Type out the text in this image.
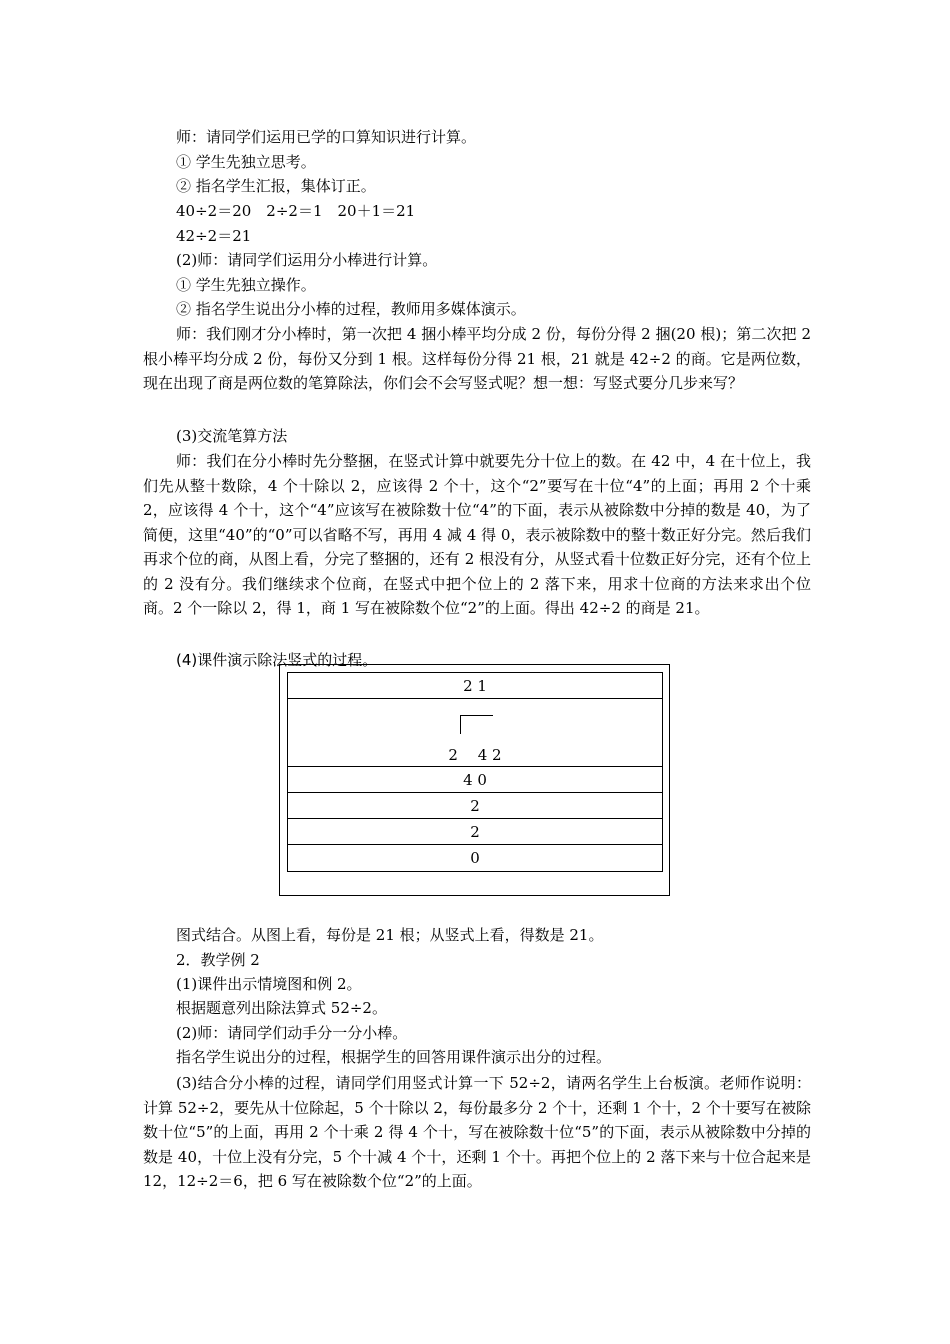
师：请同学们运用已学的口算知识进行计算。
① 学生先独立思考。
② 指名学生汇报，集体订正。
40÷2＝20　2÷2＝1　20＋1＝21
42÷2＝21
(2)师：请同学们运用分小棒进行计算。
① 学生先独立操作。
② 指名学生说出分小棒的过程，教师用多媒体演示。
师：我们刚才分小棒时，第一次把 4 捆小棒平均分成 2 份，每份分得 2 捆(20 根)；第二次把 2 根小棒平均分成 2 份，每份又分到 1 根。这样每份分得 21 根，21 就是 42÷2 的商。它是两位数，现在出现了商是两位数的笔算除法，你们会不会写竖式呢？想一想：写竖式要分几步来写？
(3)交流笔算方法
师：我们在分小棒时先分整捆，在竖式计算中就要先分十位上的数。在 42 中，4 在十位上，我们先从整十数除，4 个十除以 2，应该得 2 个十，这个“2”要写在十位“4”的上面；再用 2 个十乘 2，应该得 4 个十，这个“4”应该写在被除数十位“4”的下面，表示从被除数中分掉的数是 40，为了简便，这里“40”的“0”可以省略不写，再用 4 减 4 得 0，表示被除数中的整十数正好分完。然后我们再求个位的商，从图上看，分完了整捆的，还有 2 根没有分，从竖式看十位数正好分完，还有个位上的 2 没有分。我们继续求个位商，在竖式中把个位上的 2 落下来，用求十位商的方法来求出个位商。2 个一除以 2，得 1，商 1 写在被除数个位“2”的上面。得出 42÷2 的商是 21。
(4)课件演示除法竖式的过程。
2 1
2　 4 2
4 0
2
2
0
图式结合。从图上看，每份是 21 根；从竖式上看，得数是 21。
2．教学例 2
(1)课件出示情境图和例 2。
根据题意列出除法算式 52÷2。
(2)师：请同学们动手分一分小棒。
指名学生说出分的过程，根据学生的回答用课件演示出分的过程。
(3)结合分小棒的过程，请同学们用竖式计算一下 52÷2，请两名学生上台板演。老师作说明：计算 52÷2，要先从十位除起，5 个十除以 2，每份最多分 2 个十，还剩 1 个十，2 个十要写在被除数十位“5”的上面，再用 2 个十乘 2 得 4 个十，写在被除数十位“5”的下面，表示从被除数中分掉的数是 40，十位上没有分完，5 个十减 4 个十，还剩 1 个十。再把个位上的 2 落下来与十位合起来是 12，12÷2＝6，把 6 写在被除数个位“2”的上面。
